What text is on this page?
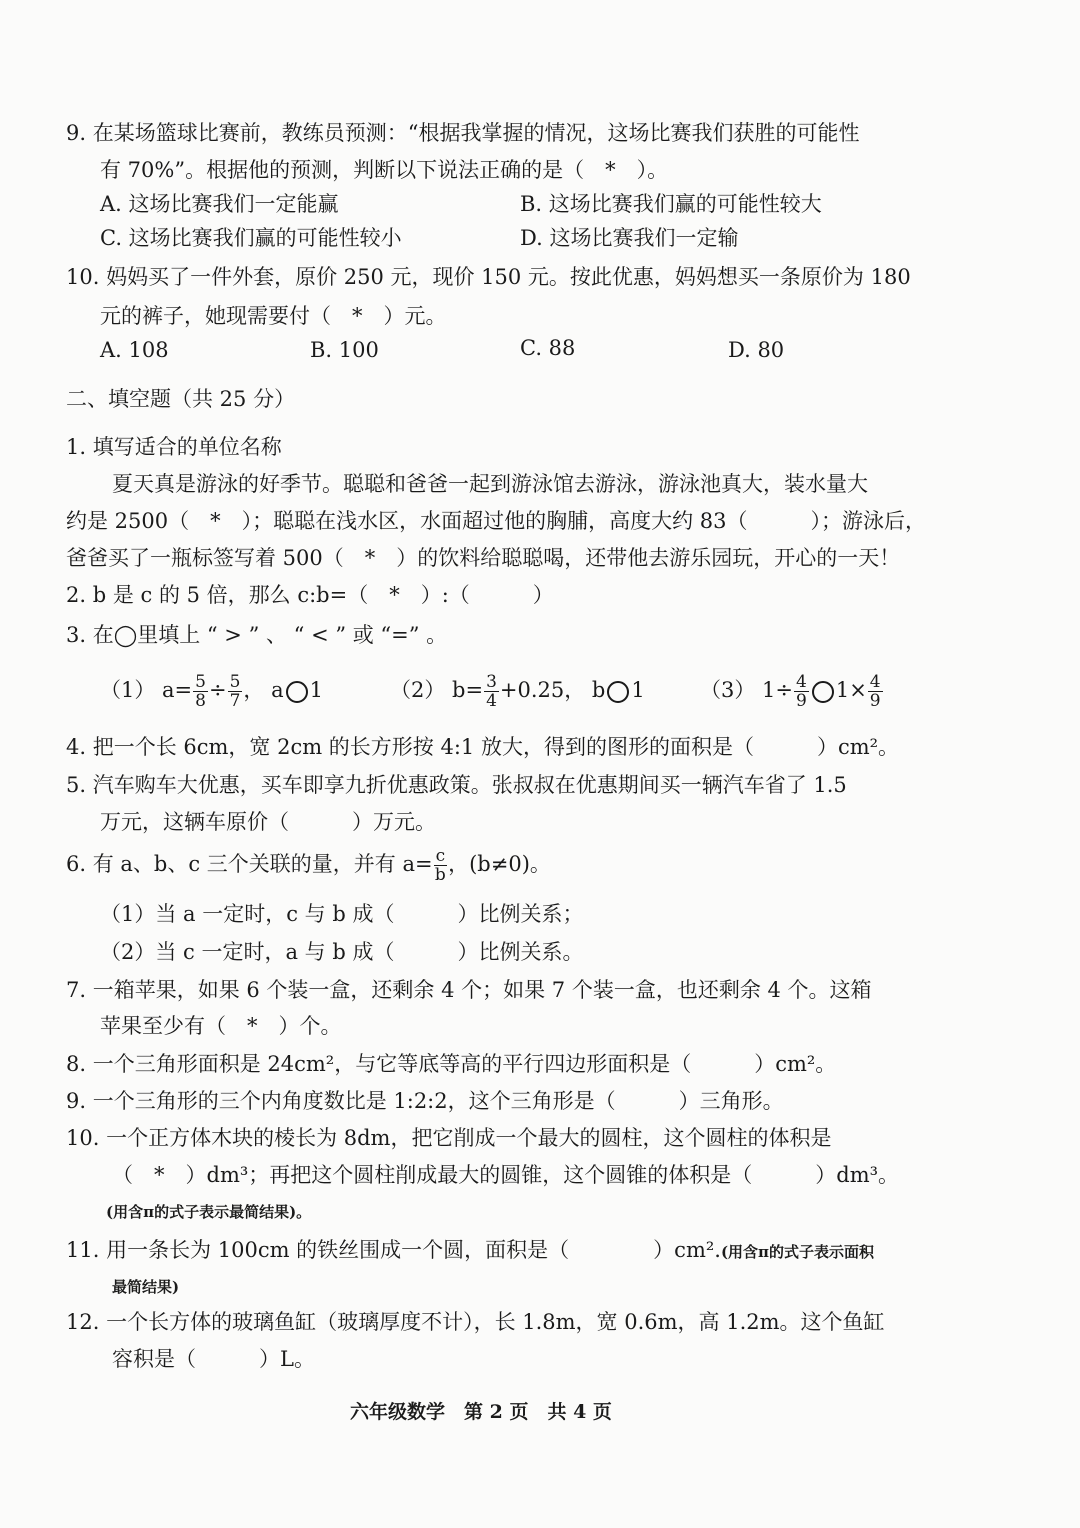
9. 在某场篮球比赛前，教练员预测：“根据我掌握的情况，这场比赛我们获胜的可能性
有 70%”。根据他的预测，判断以下说法正确的是（　*　）。
A. 这场比赛我们一定能赢	B. 这场比赛我们赢的可能性较大
C. 这场比赛我们赢的可能性较小	D. 这场比赛我们一定输
10. 妈妈买了一件外套，原价 250 元，现价 150 元。按此优惠，妈妈想买一条原价为 180
元的裤子，她现需要付（　*　）元。
A. 108	B. 100	C. 88	D. 80
二、填空题（共 25 分）
1. 填写适合的单位名称
夏天真是游泳的好季节。聪聪和爸爸一起到游泳馆去游泳，游泳池真大，装水量大
约是 2500（　*　）；聪聪在浅水区，水面超过他的胸脯，高度大约 83（　　　）；游泳后，
爸爸买了一瓶标签写着 500（　*　）的饮料给聪聪喝，还带他去游乐园玩，开心的一天！
2. b 是 c 的 5 倍，那么 c:b=（　*　）:（　　　）
3. 在◯里填上 “ > ” 、 “ < ” 或 “=” 。
（1） $a= \frac{5}{8} \div \frac{5}{7}$ ， a 1	（2） $b= \frac{3}{4} +0.25$， b 1	（3） $1\div \frac{4}{9} 1\times \frac{4}{9}$
4. 把一个长 6cm，宽 2cm 的长方形按 4:1 放大，得到的图形的面积是（　　　）cm²。
5. 汽车购车大优惠，买车即享九折优惠政策。张叔叔在优惠期间买一辆汽车省了 1.5
万元，这辆车原价（　　　）万元。
6. 有 a、b、c 三个关联的量，并有 $a= \frac{c}{b}$ ，(b≠0)。
（1）当 a 一定时，c 与 b 成（　　　）比例关系；
（2）当 c 一定时，a 与 b 成（　　　）比例关系。
7. 一箱苹果，如果 6 个装一盒，还剩余 4 个；如果 7 个装一盒，也还剩余 4 个。这箱
苹果至少有（　*　）个。
8. 一个三角形面积是 24cm²，与它等底等高的平行四边形面积是（　　　）cm²。
9. 一个三角形的三个内角度数比是 1:2:2，这个三角形是（　　　）三角形。
10. 一个正方体木块的棱长为 8dm，把它削成一个最大的圆柱，这个圆柱的体积是
（　*　）dm³；再把这个圆柱削成最大的圆锥，这个圆锥的体积是（　　　）dm³。
(用含π的式子表示最简结果)。
11. 用一条长为 100cm 的铁丝围成一个圆，面积是（　　　　）cm².(用含π的式子表示面积
最简结果)
12. 一个长方体的玻璃鱼缸（玻璃厚度不计），长 1.8m，宽 0.6m，高 1.2m。这个鱼缸
容积是（　　　）L。
六年级数学　第 2 页　共 4 页
